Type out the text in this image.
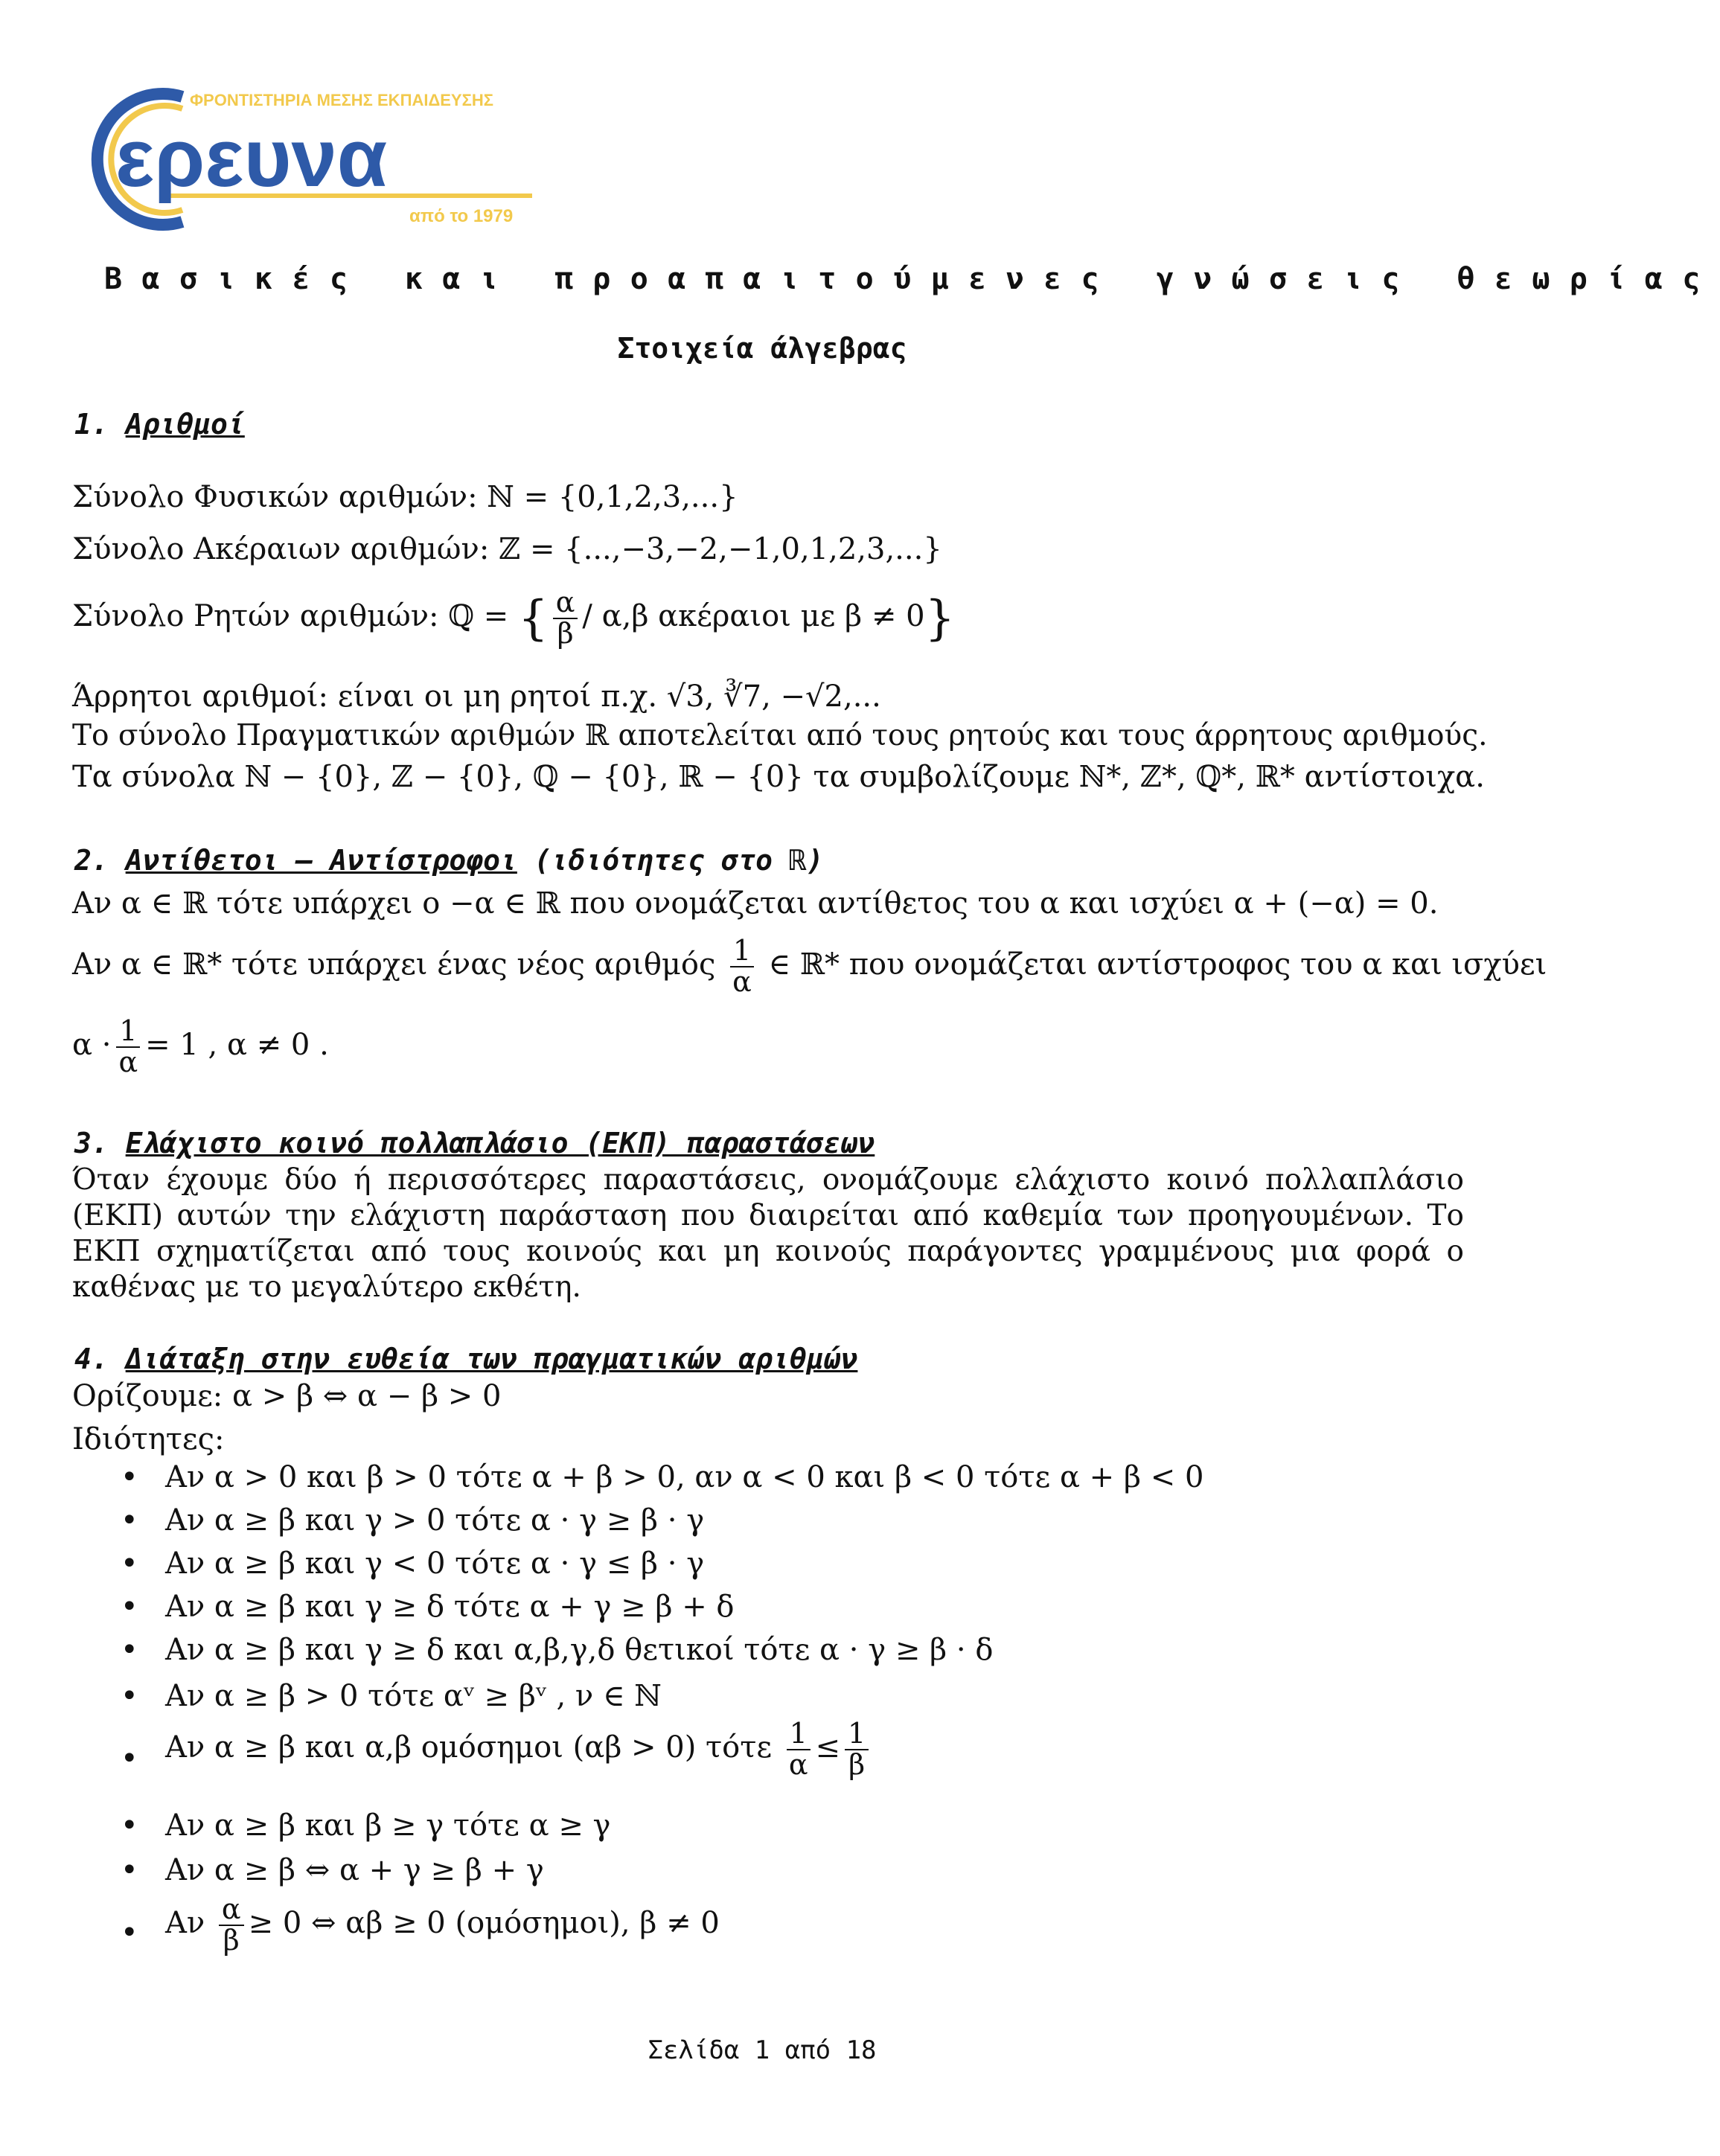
ΦΡΟΝΤΙΣΤΗΡΙΑ ΜΕΣΗΣ ΕΚΠΑΙΔΕΥΣΗΣ
ερευνα
από το 1979
Βασικές και προαπαιτούμενες γνώσεις θεωρίας
Στοιχεία άλγεβρας
1. Αριθμοί
Σύνολο Φυσικών αριθμών: ℕ = {0,1,2,3,...}
Σύνολο Ακέραιων αριθμών: ℤ = {...,−3,−2,−1,0,1,2,3,...}
Σύνολο Ρητών αριθμών: ℚ = { $\frac{\alpha}{\beta} / \alpha,\beta$ ακέραιοι με β ≠ 0}
Άρρητοι αριθμοί: είναι οι μη ρητοί π.χ. √3, ∛7, −√2,...
Το σύνολο Πραγματικών αριθμών ℝ αποτελείται από τους ρητούς και τους άρρητους αριθμούς.
Τα σύνολα ℕ − {0}, ℤ − {0}, ℚ − {0}, ℝ − {0} τα συμβολίζουμε ℕ*, ℤ*, ℚ*, ℝ* αντίστοιχα.
2. Αντίθετοι – Αντίστροφοι (ιδιότητες στο ℝ)
Αν α ∈ ℝ τότε υπάρχει ο −α ∈ ℝ που ονομάζεται αντίθετος του α και ισχύει α + (−α) = 0.
Αν α ∈ ℝ* τότε υπάρχει ένας νέος αριθμός $\frac{1}{\alpha}$ ∈ ℝ* που ονομάζεται αντίστροφος του α και ισχύει
$\alpha \cdot \frac{1}{\alpha} = 1$ , α ≠ 0 .
3. Ελάχιστο κοινό πολλαπλάσιο (ΕΚΠ) παραστάσεων
Όταν έχουμε δύο ή περισσότερες παραστάσεις, ονομάζουμε ελάχιστο κοινό πολλαπλάσιο (ΕΚΠ) αυτών την ελάχιστη παράσταση που διαιρείται από καθεμία των προηγουμένων. Το ΕΚΠ σχηματίζεται από τους κοινούς και μη κοινούς παράγοντες γραμμένους μια φορά ο καθένας με το μεγαλύτερο εκθέτη.
4. Διάταξη στην ευθεία των πραγματικών αριθμών
Ορίζουμε: α > β ⇔ α − β > 0
Ιδιότητες:
• Αν α > 0 και β > 0 τότε α + β > 0, αν α < 0 και β < 0 τότε α + β < 0
• Αν α ≥ β και γ > 0 τότε α · γ ≥ β · γ
• Αν α ≥ β και γ < 0 τότε α · γ ≤ β · γ
• Αν α ≥ β και γ ≥ δ τότε α + γ ≥ β + δ
• Αν α ≥ β και γ ≥ δ και α,β,γ,δ θετικοί τότε α · γ ≥ β · δ
• Αν α ≥ β > 0 τότε αᵛ ≥ βᵛ , ν ∈ ℕ
• Αν α ≥ β και α,β ομόσημοι (αβ > 0) τότε $\frac{1}{\alpha} \le \frac{1}{\beta}$
• Αν α ≥ β και β ≥ γ τότε α ≥ γ
• Αν α ≥ β ⇔ α + γ ≥ β + γ
• Αν $\frac{\alpha}{\beta} \ge 0$ ⇔ αβ ≥ 0 (ομόσημοι), β ≠ 0
Σελίδα 1 από 18
